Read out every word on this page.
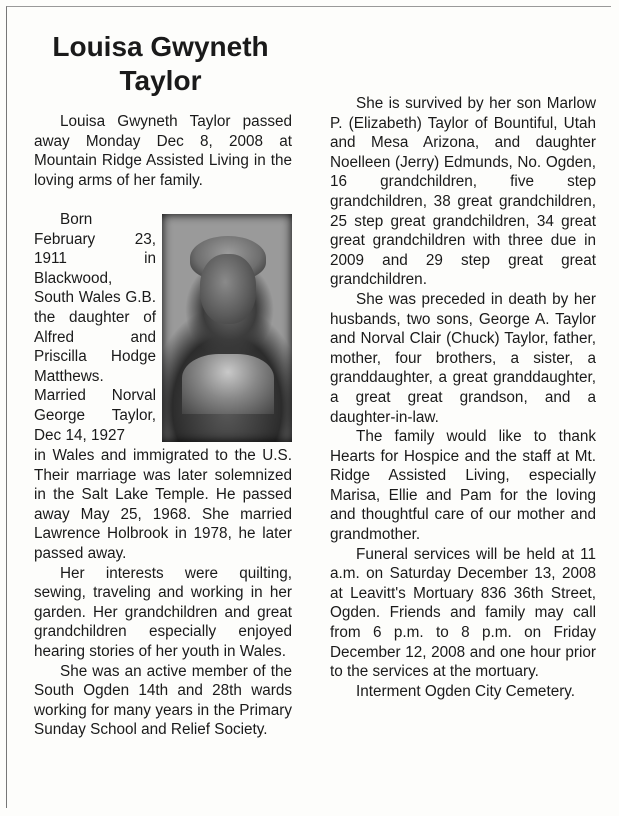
Louisa Gwyneth Taylor

Louisa Gwyneth Taylor passed away Monday Dec 8, 2008 at Mountain Ridge Assisted Living in the loving arms of her family.

Born February 23, 1911 in Blackwood, South Wales G.B. the daughter of Alfred and Priscilla Hodge Matthews. Married Norval George Taylor, Dec 14, 1927

in Wales and immigrated to the U.S. Their marriage was later solemnized in the Salt Lake Temple. He passed away May 25, 1968. She married Lawrence Holbrook in 1978, he later passed away.

Her interests were quilting, sewing, traveling and working in her garden. Her grandchildren and great grandchildren especially enjoyed hearing stories of her youth in Wales.

She was an active member of the South Ogden 14th and 28th wards working for many years in the Primary Sunday School and Relief Society.

She is survived by her son Marlow P. (Elizabeth) Taylor of Bountiful, Utah and Mesa Arizona, and daughter Noelleen (Jerry) Edmunds, No. Ogden, 16 grandchildren, five step grandchildren, 38 great grandchildren, 25 step great grandchildren, 34 great great grandchildren with three due in 2009 and 29 step great great grandchildren.

She was preceded in death by her husbands, two sons, George A. Taylor and Norval Clair (Chuck) Taylor, father, mother, four brothers, a sister, a granddaughter, a great granddaughter, a great great grandson, and a daughter-in-law.

The family would like to thank Hearts for Hospice and the staff at Mt. Ridge Assisted Living, especially Marisa, Ellie and Pam for the loving and thoughtful care of our mother and grandmother.

Funeral services will be held at 11 a.m. on Saturday December 13, 2008 at Leavitt's Mortuary 836 36th Street, Ogden. Friends and family may call from 6 p.m. to 8 p.m. on Friday December 12, 2008 and one hour prior to the services at the mortuary.

Interment Ogden City Cemetery.
